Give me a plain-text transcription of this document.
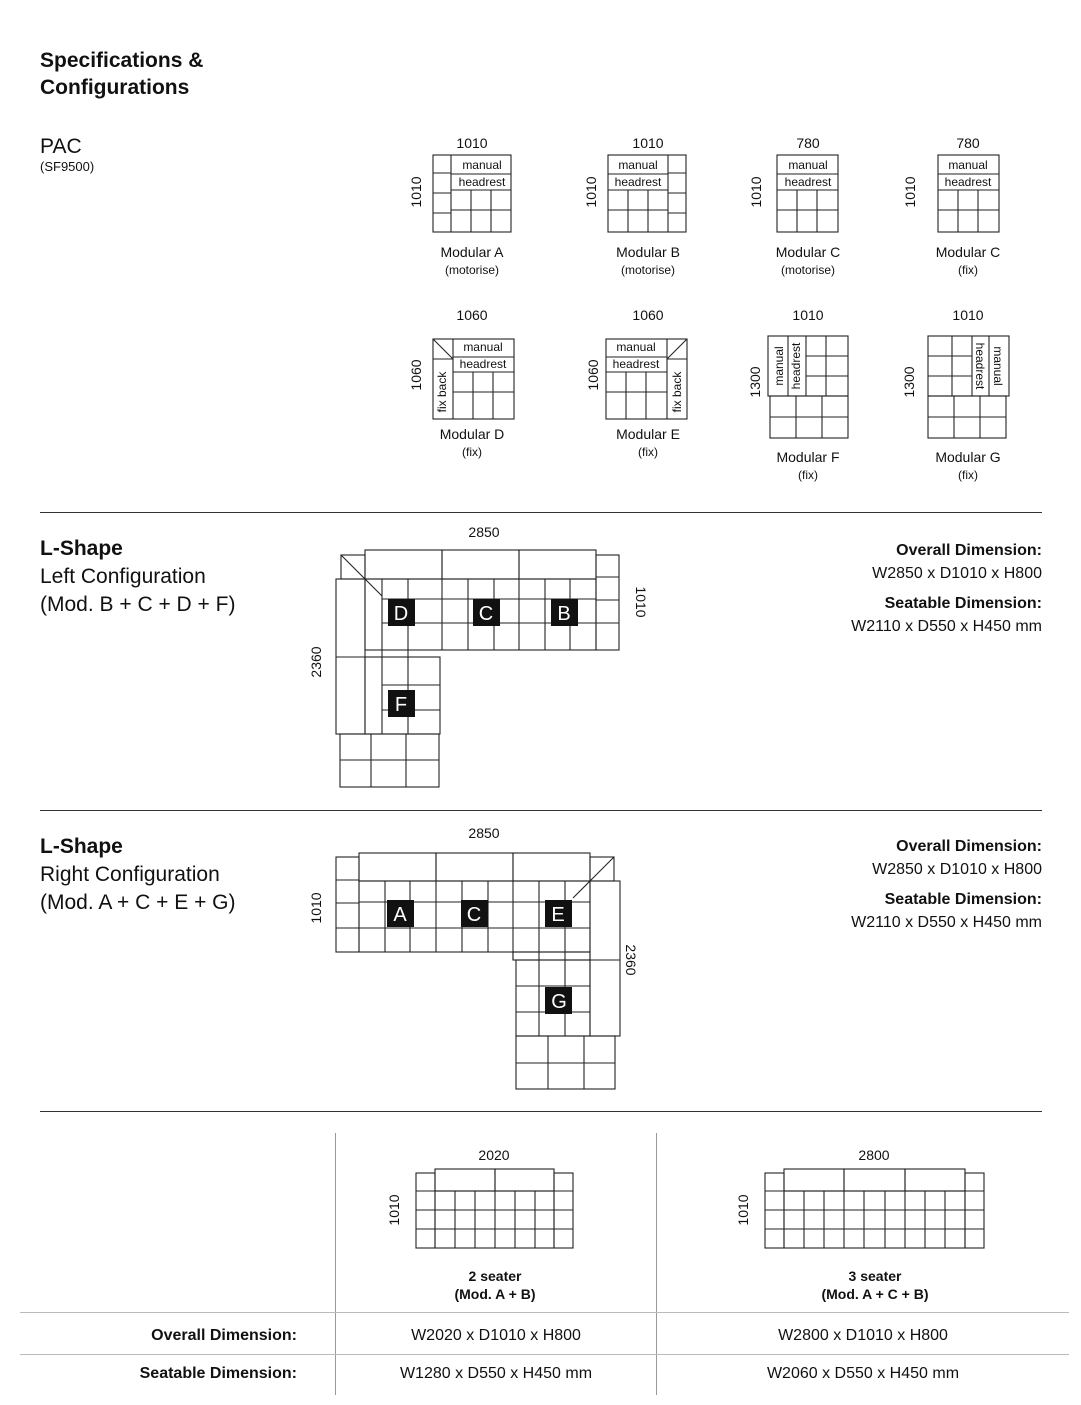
Specifications &
Configurations
PAC
(SF9500)	manual
headrest
manual
headrest
manual
headrest
manual
headrest
manual
headrest
manual
headrest
fix back	fix back
manual headrest	headrest manual
1010	1010	780	780
1010	1010	1010	1010
1060	1060	1010	1010
1060	1060	1300	1300
Modular A	Modular B	Modular C	Modular C
Modular D	Modular E
Modular F	Modular G
(motorise)	(motorise)	(motorise)	(fix)
(fix)	(fix)
(fix)	(fix)
L-Shape
Left Configuration
(Mod. B + C + D + F)
Overall Dimension:
W2850 x D1010 x H800
Seatable Dimension:
W2110 x D550 x H450 mm
D	C	B
F
2850
1010
2360
L-Shape
Right Configuration
(Mod. A + C + E + G)
Overall Dimension:
W2850 x D1010 x H800
Seatable Dimension:
W2110 x D550 x H450 mm
A	C	E
G
2850
1010
2360
2020	2800
1010	1010
2 seater
(Mod. A + B)
3 seater
(Mod. A + C + B)
Overall Dimension:	W2020 x D1010 x H800	W2800 x D1010 x H800
Seatable Dimension:	W1280 x D550 x H450 mm	W2060 x D550 x H450 mm
